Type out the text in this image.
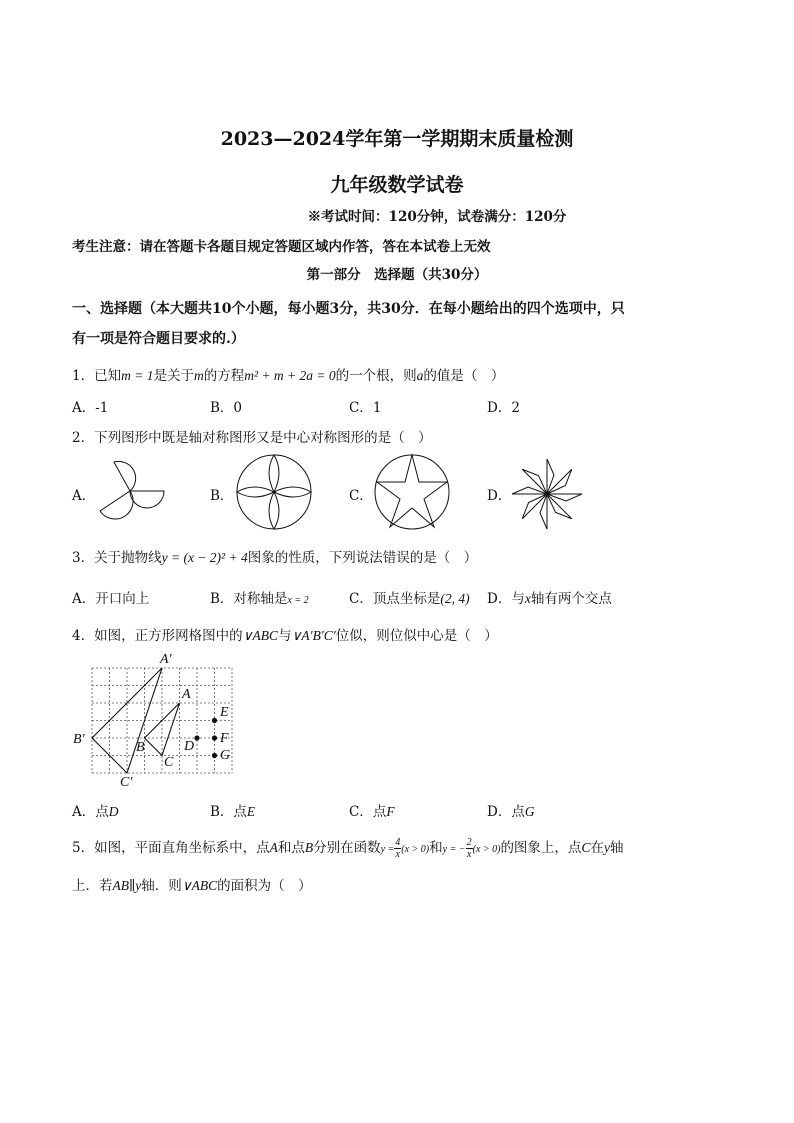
2023—2024学年第一学期期末质量检测
九年级数学试卷
※考试时间：120分钟，试卷满分：120分
考生注意：请在答题卡各题目规定答题区域内作答，答在本试卷上无效
第一部分　选择题（共30分）
一、选择题（本大题共10个小题，每小题3分，共30分．在每小题给出的四个选项中，只
有一项是符合题目要求的.）
1．已知m = 1是关于m的方程m² + m + 2a = 0的一个根，则a的值是（　）
A．-1	B．0	C．1	D．2
2．下列图形中既是轴对称图形又是中心对称图形的是（　）
A．	B．	C．	D．
3．关于抛物线y = (x − 2)² + 4图象的性质，下列说法错误的是（　）
A．开口向上	B．对称轴是x = 2	C．顶点坐标是(2, 4) D．与x轴有两个交点
4．如图，正方形网格图中的∨ABC与∨A′B′C′位似，则位似中心是（　）
A′
B′
C′
A
B
C
D
E
F
G
A．点D	B．点E	C．点F	D．点G
5．如图，平面直角坐标系中，点A和点B分别在函数$y = \frac{4}{x} (x > 0)$和y = − $\frac{2}{x} (x > 0)$的图象上，点C在y轴
上．若AB∥y轴．则∨ABC的面积为（　）
